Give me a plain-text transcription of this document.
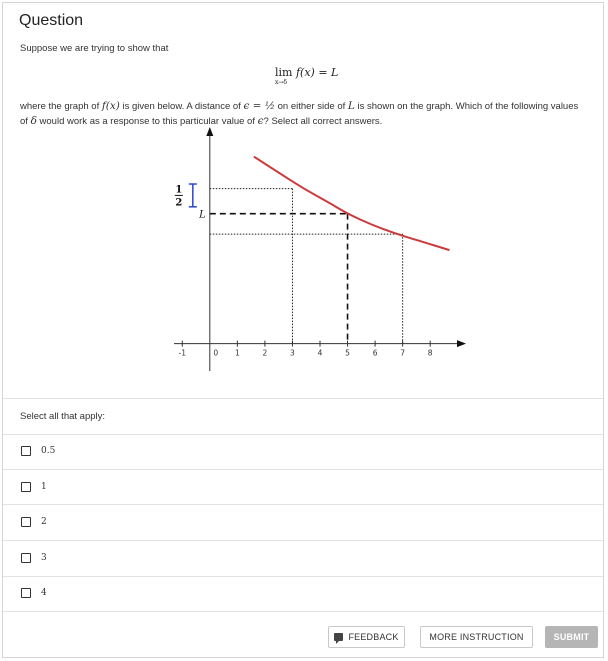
Question
Suppose we are trying to show that
lim
x→δ
f(x) = L
where the graph of f(x) is given below. A distance of ϵ = ½ on either side of L is shown on the graph. Which of the following values of δ would work as a response to this particular value of ϵ? Select all correct answers.
-1	0 1	2	3	4	5	6	7	8
1
2
L
Select all that apply:
0.5
1
2
3
4
FEEDBACK	MORE INSTRUCTION	SUBMIT
